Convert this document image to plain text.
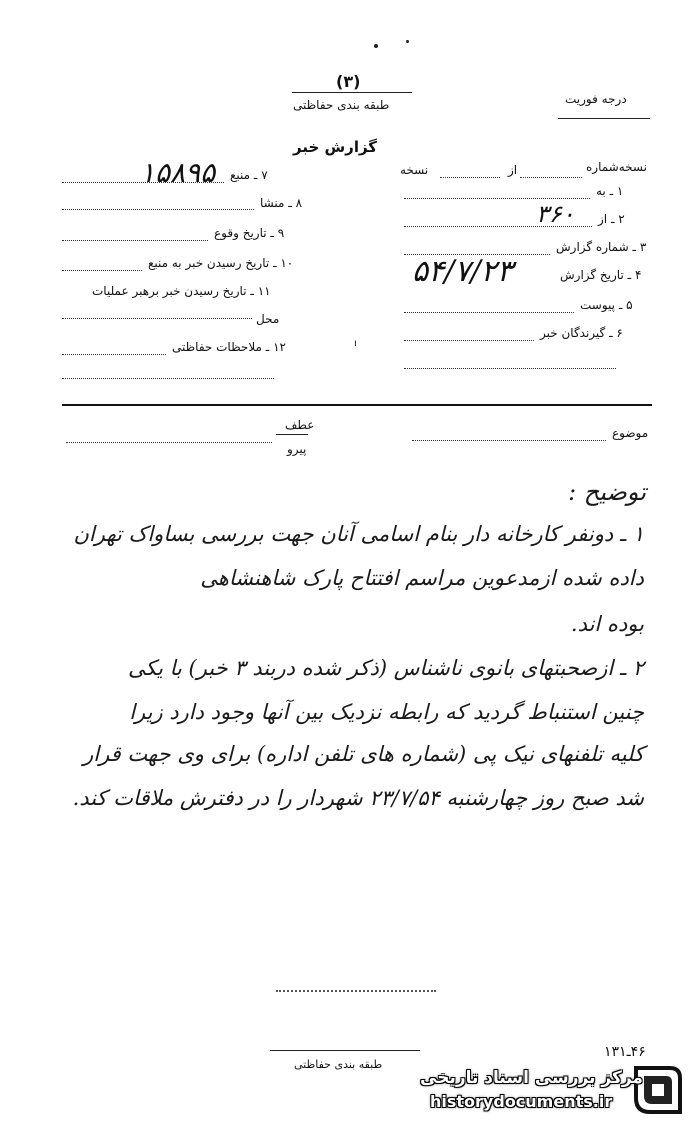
(۳)
طبقه بندی حفاظتی	درجه فوریت
گزارش خبر
۷ ـ منبع
۱۵۸۹۵
۸ ـ منشا
۹ ـ تاریخ وقوع
۱۰ ـ تاریخ رسیدن خبر به منبع
۱۱ ـ تاریخ رسیدن خبر برهبر عملیات
محل
۱۲ ـ ملاحظات حفاظتی	ı
نسخه‌شماره
از
نسخه
۱ ـ به
۲ ـ از
۳۶۰
۳ ـ شماره گزارش
۴ ـ تاریخ گزارش
۵۴/۷/۲۳
۵ ـ پیوست
۶ ـ گیرندگان خبر
عطف
پیرو
موضوع
توضیح :
۱ ـ دونفر کارخانه دار بنام اسامی آنان جهت بررسی بساواک تهران
داده شده ازمدعوین مراسم افتتاح پارک شاهنشاهی
بوده اند.
۲ ـ ازصحبتهای بانوی ناشناس (ذکر شده دربند ۳ خبر) با یکی
چنین استنباط گردید که رابطه نزدیک بین آنها وجود دارد زیرا
کلیه تلفنهای نیک پی (شماره های تلفن اداره) برای وی جهت قرار
شد صبح روز چهارشنبه ۲۳/۷/۵۴ شهردار را در دفترش ملاقات کند.
طبقه بندی حفاظتی
۴۶ـ۱۳۱
مرکز بررسی اسناد تاریخی
historydocuments.ir
